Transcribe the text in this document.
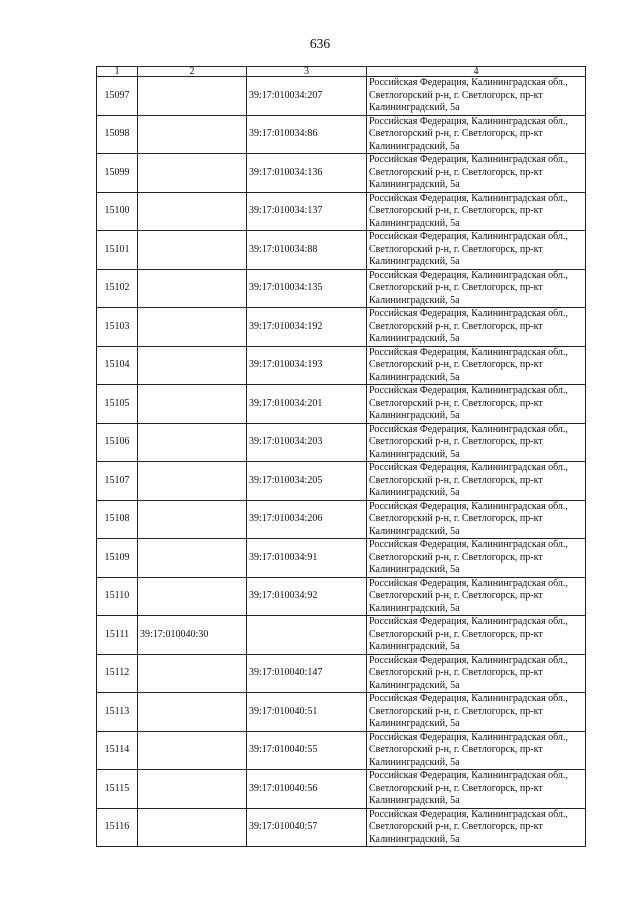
636
1	2	3	4
15097		39:17:010034:207	Российская Федерация, Калининградская обл., Светлогорский р-н, г. Светлогорск, пр-кт Калининградский, 5а
15098		39:17:010034:86	Российская Федерация, Калининградская обл., Светлогорский р-н, г. Светлогорск, пр-кт Калининградский, 5а
15099		39:17:010034:136	Российская Федерация, Калининградская обл., Светлогорский р-н, г. Светлогорск, пр-кт Калининградский, 5а
15100		39:17:010034:137	Российская Федерация, Калининградская обл., Светлогорский р-н, г. Светлогорск, пр-кт Калининградский, 5а
15101		39:17:010034:88	Российская Федерация, Калининградская обл., Светлогорский р-н, г. Светлогорск, пр-кт Калининградский, 5а
15102		39:17:010034:135	Российская Федерация, Калининградская обл., Светлогорский р-н, г. Светлогорск, пр-кт Калининградский, 5а
15103		39:17:010034:192	Российская Федерация, Калининградская обл., Светлогорский р-н, г. Светлогорск, пр-кт Калининградский, 5а
15104		39:17:010034:193	Российская Федерация, Калининградская обл., Светлогорский р-н, г. Светлогорск, пр-кт Калининградский, 5а
15105		39:17:010034:201	Российская Федерация, Калининградская обл., Светлогорский р-н, г. Светлогорск, пр-кт Калининградский, 5а
15106		39:17:010034:203	Российская Федерация, Калининградская обл., Светлогорский р-н, г. Светлогорск, пр-кт Калининградский, 5а
15107		39:17:010034:205	Российская Федерация, Калининградская обл., Светлогорский р-н, г. Светлогорск, пр-кт Калининградский, 5а
15108		39:17:010034:206	Российская Федерация, Калининградская обл., Светлогорский р-н, г. Светлогорск, пр-кт Калининградский, 5а
15109		39:17:010034:91	Российская Федерация, Калининградская обл., Светлогорский р-н, г. Светлогорск, пр-кт Калининградский, 5а
15110		39:17:010034:92	Российская Федерация, Калининградская обл., Светлогорский р-н, г. Светлогорск, пр-кт Калининградский, 5а
15111	39:17:010040:30		Российская Федерация, Калининградская обл., Светлогорский р-н, г. Светлогорск, пр-кт Калининградский, 5а
15112		39:17:010040:147	Российская Федерация, Калининградская обл., Светлогорский р-н, г. Светлогорск, пр-кт Калининградский, 5а
15113		39:17:010040:51	Российская Федерация, Калининградская обл., Светлогорский р-н, г. Светлогорск, пр-кт Калининградский, 5а
15114		39:17:010040:55	Российская Федерация, Калининградская обл., Светлогорский р-н, г. Светлогорск, пр-кт Калининградский, 5а
15115		39:17:010040:56	Российская Федерация, Калининградская обл., Светлогорский р-н, г. Светлогорск, пр-кт Калининградский, 5а
15116		39:17:010040:57	Российская Федерация, Калининградская обл., Светлогорский р-н, г. Светлогорск, пр-кт Калининградский, 5а
